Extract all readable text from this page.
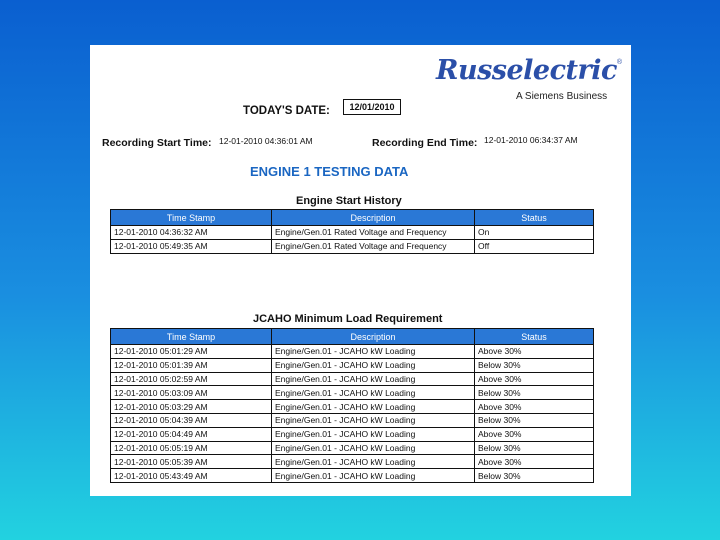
Russelectric®
A Siemens Business
TODAY'S DATE:	12/01/2010
Recording Start Time: 12-01-2010 04:36:01 AM	Recording End Time: 12-01-2010 06:34:37 AM
ENGINE 1 TESTING DATA
Engine Start History
Time Stamp	Description	Status
12-01-2010 04:36:32 AM	Engine/Gen.01 Rated Voltage and Frequency	On
12-01-2010 05:49:35 AM	Engine/Gen.01 Rated Voltage and Frequency	Off
JCAHO Minimum Load Requirement
Time Stamp	Description	Status
12-01-2010 05:01:29 AM	Engine/Gen.01 - JCAHO kW Loading	Above 30%
12-01-2010 05:01:39 AM	Engine/Gen.01 - JCAHO kW Loading	Below 30%
12-01-2010 05:02:59 AM	Engine/Gen.01 - JCAHO kW Loading	Above 30%
12-01-2010 05:03:09 AM	Engine/Gen.01 - JCAHO kW Loading	Below 30%
12-01-2010 05:03:29 AM	Engine/Gen.01 - JCAHO kW Loading	Above 30%
12-01-2010 05:04:39 AM	Engine/Gen.01 - JCAHO kW Loading	Below 30%
12-01-2010 05:04:49 AM	Engine/Gen.01 - JCAHO kW Loading	Above 30%
12-01-2010 05:05:19 AM	Engine/Gen.01 - JCAHO kW Loading	Below 30%
12-01-2010 05:05:39 AM	Engine/Gen.01 - JCAHO kW Loading	Above 30%
12-01-2010 05:43:49 AM	Engine/Gen.01 - JCAHO kW Loading	Below 30%
